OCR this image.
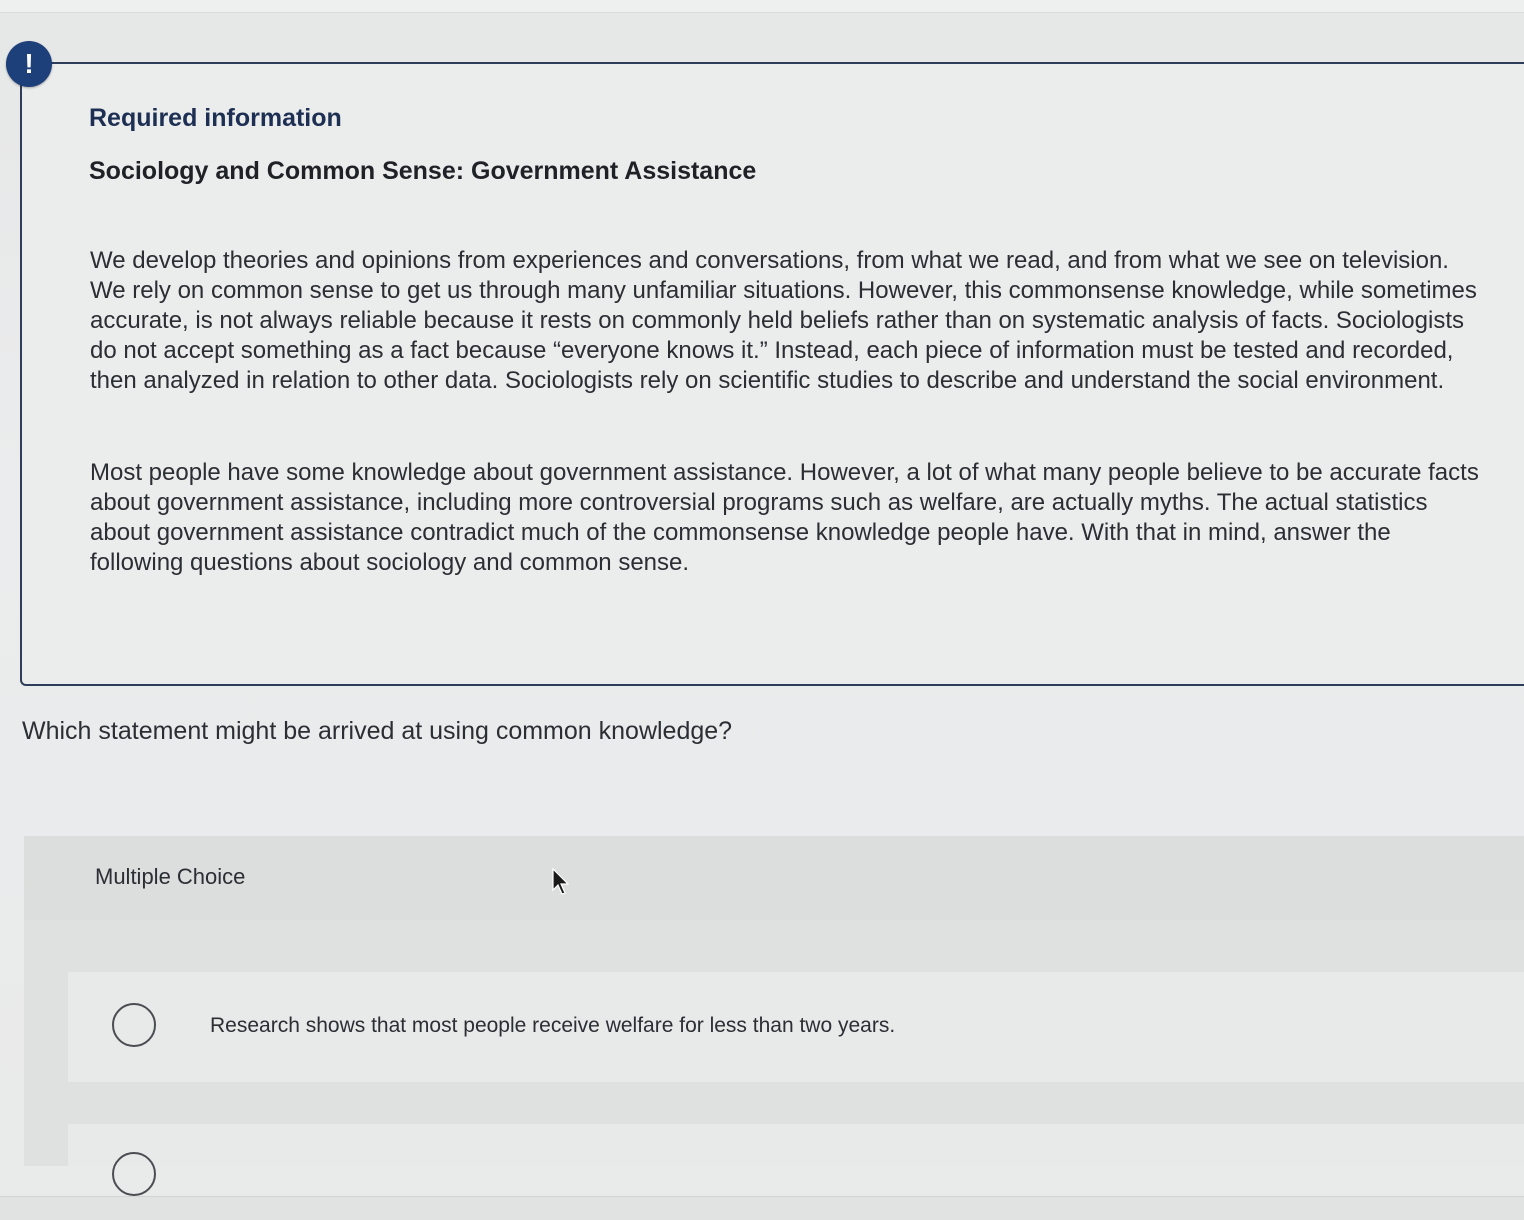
!
Required information
Sociology and Common Sense: Government Assistance
We develop theories and opinions from experiences and conversations, from what we read, and from what we see on television. We rely on common sense to get us through many unfamiliar situations. However, this commonsense knowledge, while sometimes accurate, is not always reliable because it rests on commonly held beliefs rather than on systematic analysis of facts. Sociologists do not accept something as a fact because “everyone knows it.” Instead, each piece of information must be tested and recorded, then analyzed in relation to other data. Sociologists rely on scientific studies to describe and understand the social environment.
Most people have some knowledge about government assistance. However, a lot of what many people believe to be accurate facts about government assistance, including more controversial programs such as welfare, are actually myths. The actual statistics about government assistance contradict much of the commonsense knowledge people have. With that in mind, answer the following questions about sociology and common sense.
Which statement might be arrived at using common knowledge?
Multiple Choice
Research shows that most people receive welfare for less than two years.
